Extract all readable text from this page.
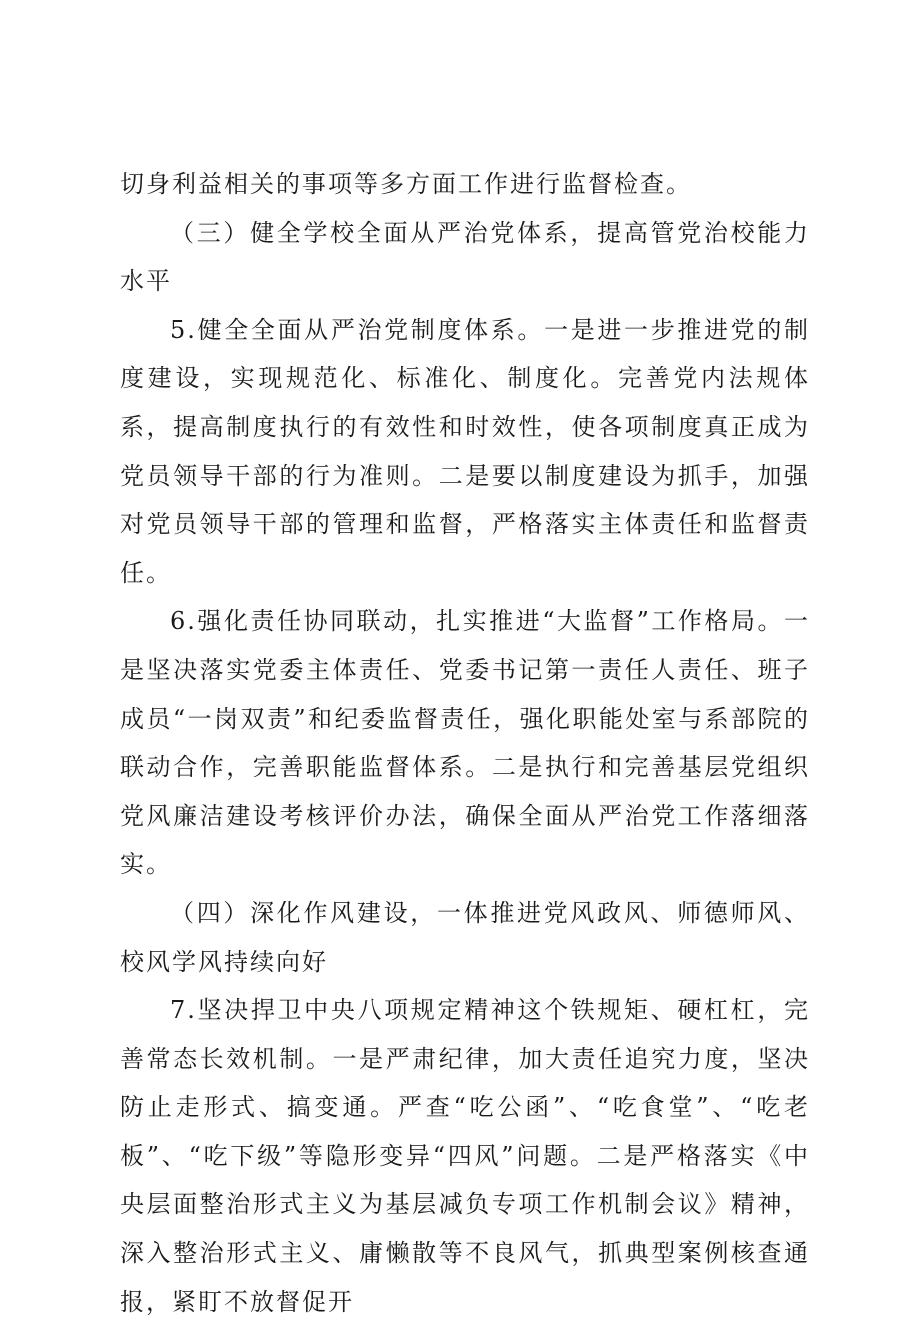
切身利益相关的事项等多方面工作进行监督检查。

（三）健全学校全面从严治党体系，提高管党治校能力水平

5.健全全面从严治党制度体系。一是进一步推进党的制度建设，实现规范化、标准化、制度化。完善党内法规体系，提高制度执行的有效性和时效性，使各项制度真正成为党员领导干部的行为准则。二是要以制度建设为抓手，加强对党员领导干部的管理和监督，严格落实主体责任和监督责任。

6.强化责任协同联动，扎实推进“大监督”工作格局。一是坚决落实党委主体责任、党委书记第一责任人责任、班子成员“一岗双责”和纪委监督责任，强化职能处室与系部院的联动合作，完善职能监督体系。二是执行和完善基层党组织党风廉洁建设考核评价办法，确保全面从严治党工作落细落实。

（四）深化作风建设，一体推进党风政风、师德师风、校风学风持续向好

7.坚决捍卫中央八项规定精神这个铁规矩、硬杠杠，完善常态长效机制。一是严肃纪律，加大责任追究力度，坚决防止走形式、搞变通。严查“吃公函”、“吃食堂”、“吃老板”、“吃下级”等隐形变异“四风”问题。二是严格落实《中央层面整治形式主义为基层减负专项工作机制会议》精神，深入整治形式主义、庸懒散等不良风气，抓典型案例核查通报，紧盯不放督促开
